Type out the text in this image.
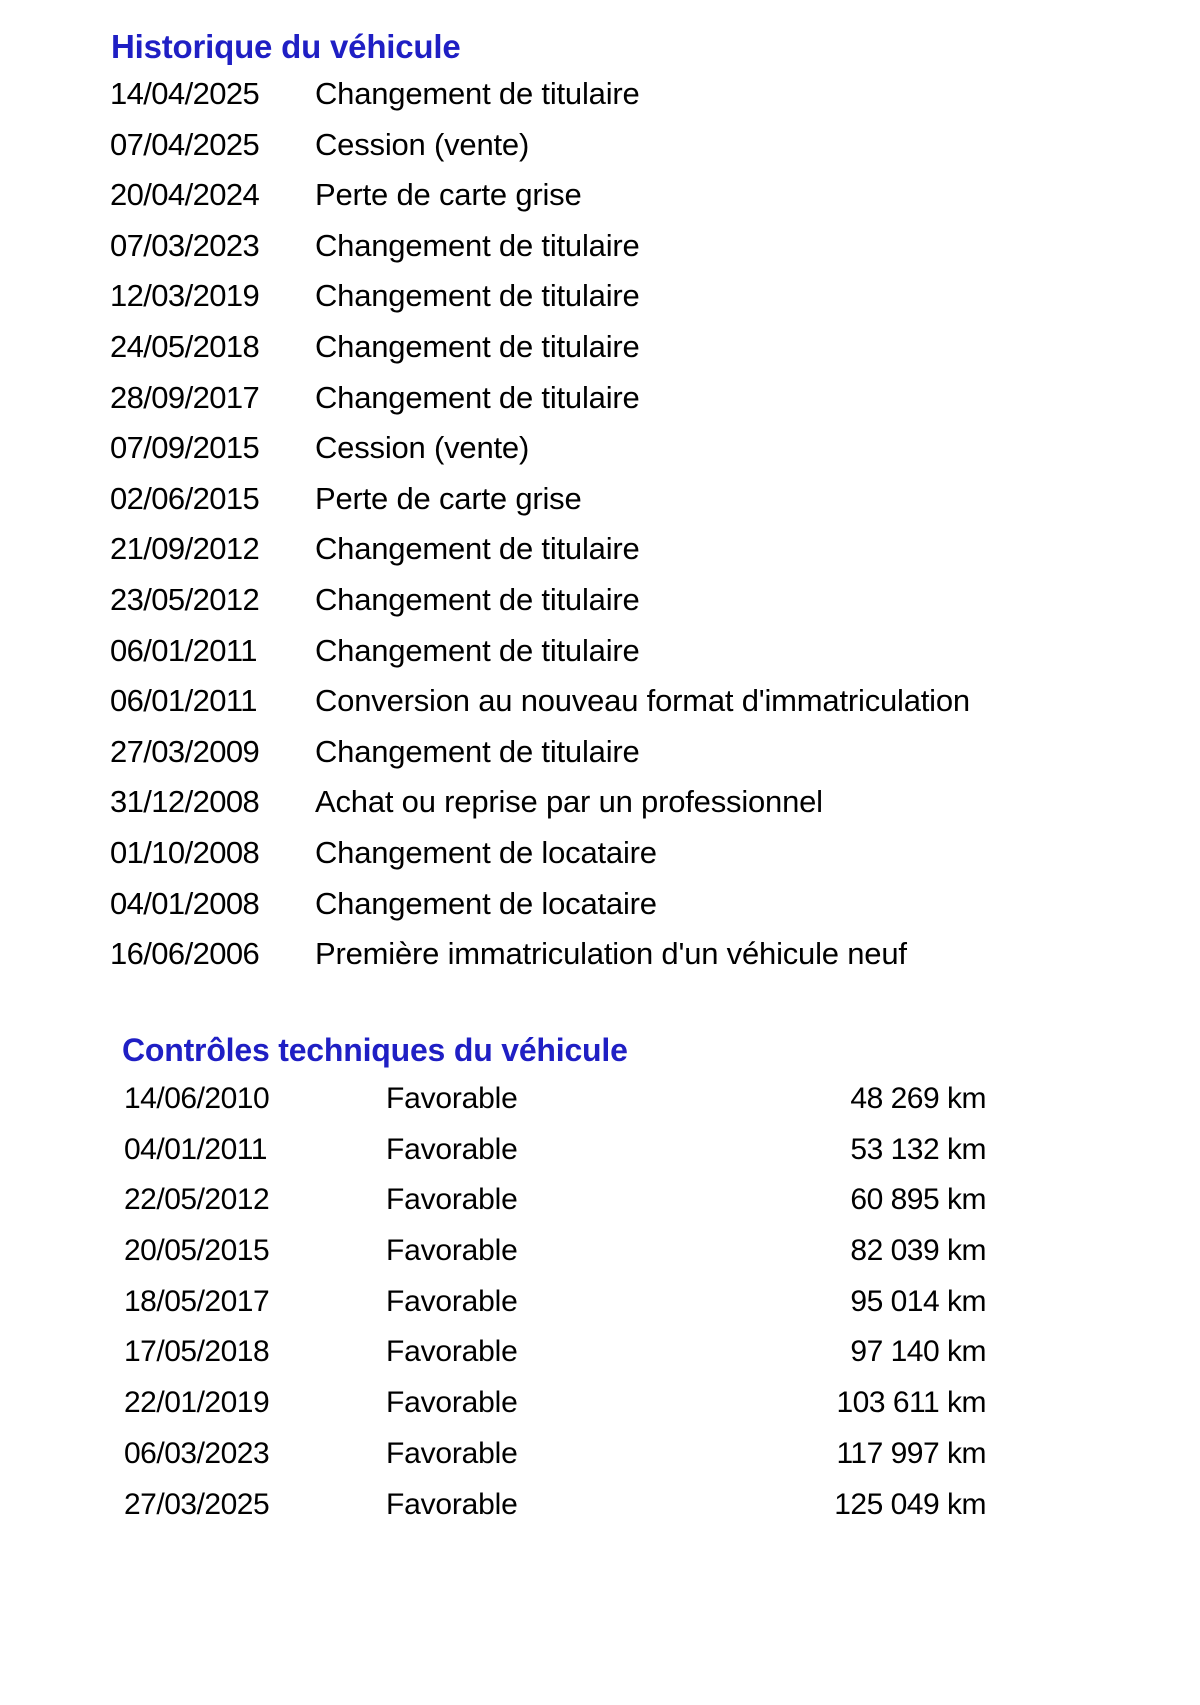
Historique du véhicule
14/04/2025	Changement de titulaire
07/04/2025	Cession (vente)
20/04/2024	Perte de carte grise
07/03/2023	Changement de titulaire
12/03/2019	Changement de titulaire
24/05/2018	Changement de titulaire
28/09/2017	Changement de titulaire
07/09/2015	Cession (vente)
02/06/2015	Perte de carte grise
21/09/2012	Changement de titulaire
23/05/2012	Changement de titulaire
06/01/2011	Changement de titulaire
06/01/2011	Conversion au nouveau format d'immatriculation
27/03/2009	Changement de titulaire
31/12/2008	Achat ou reprise par un professionnel
01/10/2008	Changement de locataire
04/01/2008	Changement de locataire
16/06/2006	Première immatriculation d'un véhicule neuf
Contrôles techniques du véhicule
14/06/2010	Favorable	48 269 km
04/01/2011	Favorable	53 132 km
22/05/2012	Favorable	60 895 km
20/05/2015	Favorable	82 039 km
18/05/2017	Favorable	95 014 km
17/05/2018	Favorable	97 140 km
22/01/2019	Favorable	103 611 km
06/03/2023	Favorable	117 997 km
27/03/2025	Favorable	125 049 km
